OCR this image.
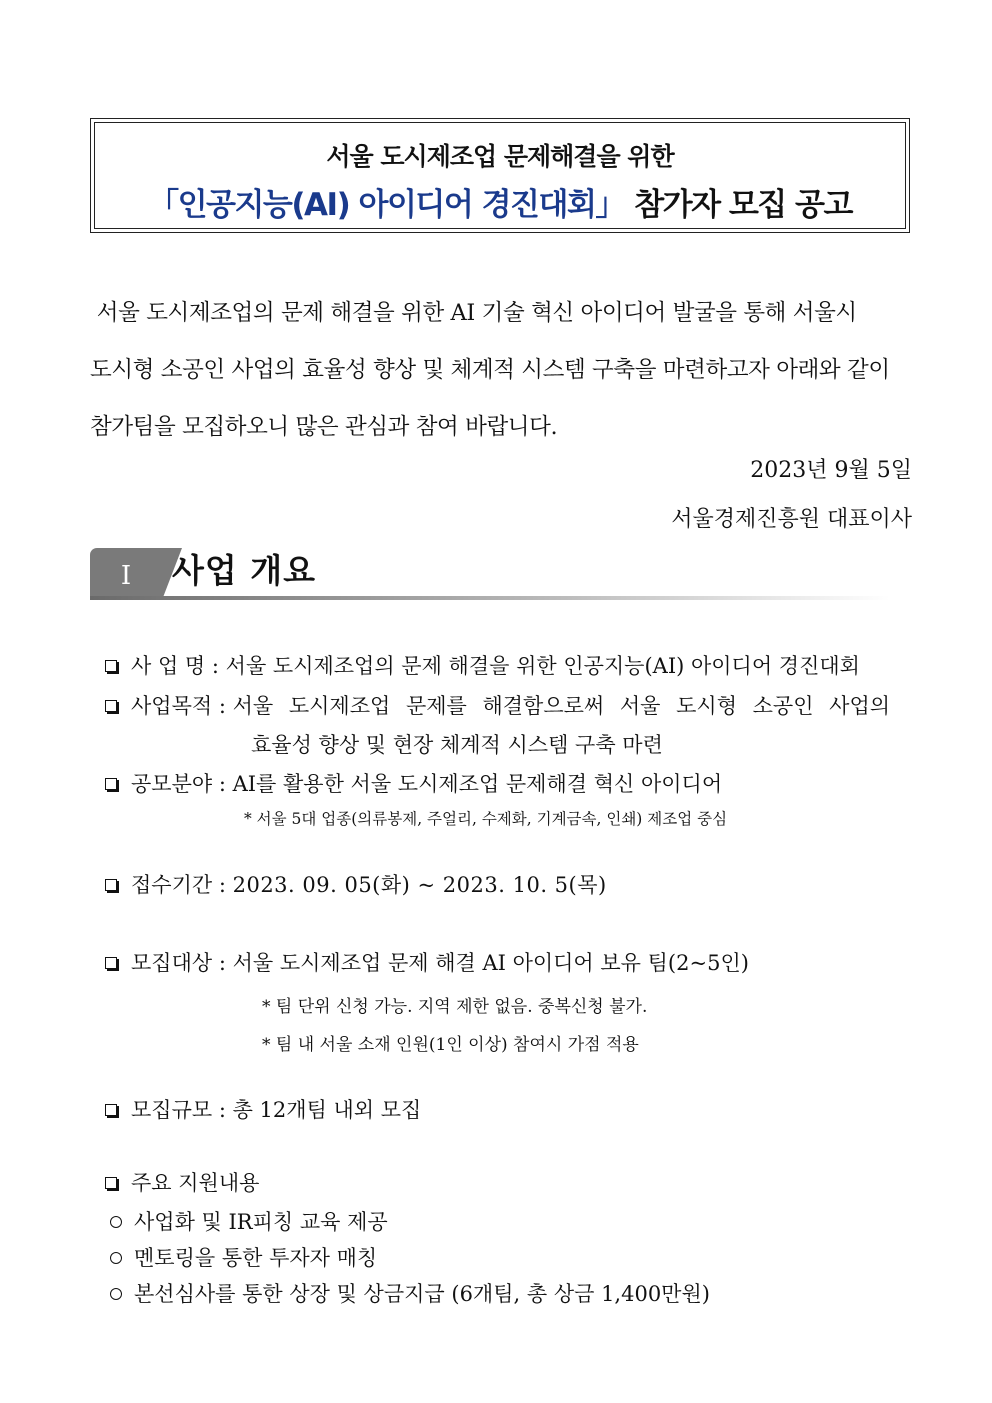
서울 도시제조업 문제해결을 위한
「인공지능(AI) 아이디어 경진대회」 참가자 모집 공고
서울 도시제조업의 문제 해결을 위한 AI 기술 혁신 아이디어 발굴을 통해 서울시
도시형 소공인 사업의 효율성 향상 및 체계적 시스템 구축을 마련하고자 아래와 같이
참가팀을 모집하오니 많은 관심과 참여 바랍니다.
2023년 9월 5일
서울경제진흥원 대표이사
I	사업 개요
사 업 명 : 서울 도시제조업의 문제 해결을 위한 인공지능(AI) 아이디어 경진대회
사업목적 : 서울 도시제조업 문제를 해결함으로써 서울 도시형 소공인 사업의
효율성 향상 및 현장 체계적 시스템 구축 마련
공모분야 : AI를 활용한 서울 도시제조업 문제해결 혁신 아이디어
* 서울 5대 업종(의류봉제, 주얼리, 수제화, 기계금속, 인쇄) 제조업 중심
접수기간 : 2023. 09. 05(화) ~ 2023. 10. 5(목)
모집대상 : 서울 도시제조업 문제 해결 AI 아이디어 보유 팀(2~5인)
* 팀 단위 신청 가능. 지역 제한 없음. 중복신청 불가.
* 팀 내 서울 소재 인원(1인 이상) 참여시 가점 적용
모집규모 : 총 12개팀 내외 모집
주요 지원내용
사업화 및 IR피칭 교육 제공
멘토링을 통한 투자자 매칭
본선심사를 통한 상장 및 상금지급 (6개팀, 총 상금 1,400만원)
